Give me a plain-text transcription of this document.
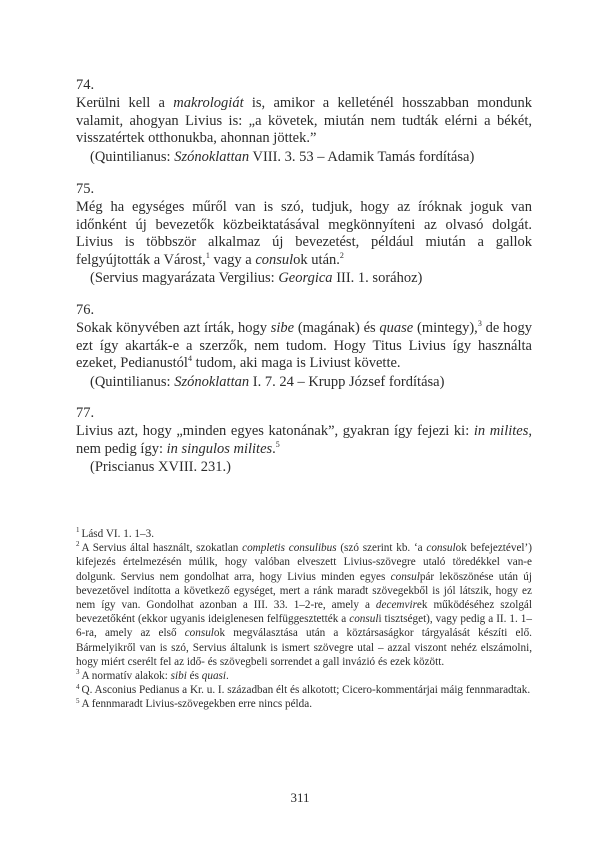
74.

Kerülni kell a makrologiát is, amikor a kelleténél hosszabban mondunk valamit, ahogyan Livius is: „a követek, miután nem tudták elérni a békét, visszatértek otthonukba, ahonnan jöttek.”

(Quintilianus: Szónoklattan VIII. 3. 53 – Adamik Tamás fordítása)

75.

Még ha egységes műről van is szó, tudjuk, hogy az íróknak joguk van időnként új bevezetők közbeiktatásával megkönnyíteni az olvasó dolgát. Livius is többször alkalmaz új bevezetést, például miután a gallok felgyújtották a Várost,$^1$ vagy a consulok után.$^2$

(Servius magyarázata Vergilius: Georgica III. 1. sorához)

76.

Sokak könyvében azt írták, hogy sibe (magának) és quase (mintegy),$^3$ de hogy ezt így akarták-e a szerzők, nem tudom. Hogy Titus Livius így használta ezeket, Pedianustól$^4$ tudom, aki maga is Liviust követte.

(Quintilianus: Szónoklattan I. 7. 24 – Krupp József fordítása)

77.

Livius azt, hogy „minden egyes katonának”, gyakran így fejezi ki: in milites, nem pedig így: in singulos milites.$^5$

(Priscianus XVIII. 231.)

$^1$ Lásd VI. 1. 1–3.

$^2$ A Servius által használt, szokatlan completis consulibus (szó szerint kb. ‘a consulok befejeztével’) kifejezés értelmezésén múlik, hogy valóban elveszett Livius-szövegre utaló töredékkel van-e dolgunk. Servius nem gondolhat arra, hogy Livius minden egyes consulpár leköszönése után új bevezetővel indította a következő egységet, mert a ránk maradt szövegekből is jól látszik, hogy ez nem így van. Gondolhat azonban a III. 33. 1–2-re, amely a decemvirek működéséhez szolgál bevezetőként (ekkor ugyanis ideiglenesen felfüggesztették a consuli tisztséget), vagy pedig a II. 1. 1–6-ra, amely az első consulok megválasztása után a köztársaságkor tárgyalását készíti elő. Bármelyikről van is szó, Servius általunk is ismert szövegre utal – azzal viszont nehéz elszámolni, hogy miért cserélt fel az idő- és szövegbeli sorrendet a gall invázió és ezek között.

$^3$ A normatív alakok: sibi és quasi.

$^4$ Q. Asconius Pedianus a Kr. u. I. században élt és alkotott; Cicero-kommentárjai máig fennmaradtak.

$^5$ A fennmaradt Livius-szövegekben erre nincs példa.

311
